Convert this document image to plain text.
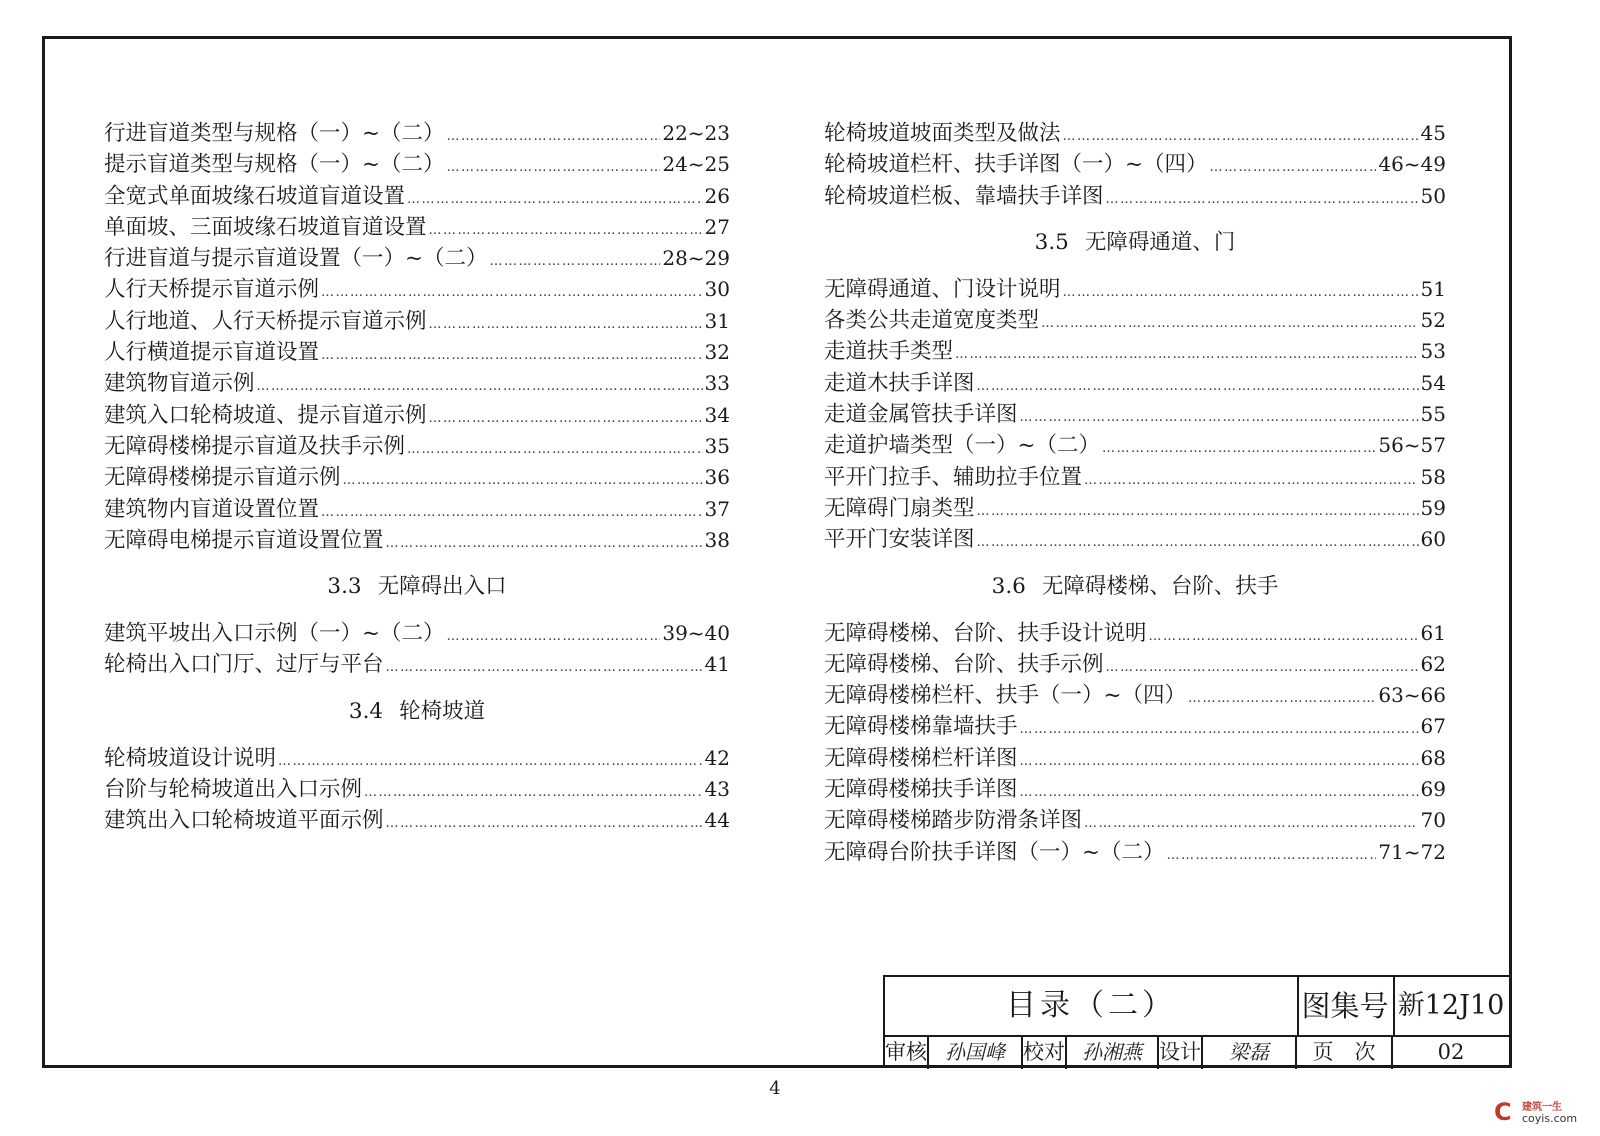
行进盲道类型与规格（一）~（二） ……………………………………………………………………………………………………………………………………………………………………	22~23
提示盲道类型与规格（一）~（二） ……………………………………………………………………………………………………………………………………………………………………	24~25
全宽式单面坡缘石坡道盲道设置 ……………………………………………………………………………………………………………………………………………………………………	26
单面坡、三面坡缘石坡道盲道设置 ……………………………………………………………………………………………………………………………………………………………………	27
行进盲道与提示盲道设置（一）~（二） ……………………………………………………………………………………………………………………………………………………………………	28~29
人行天桥提示盲道示例 ……………………………………………………………………………………………………………………………………………………………………	30
人行地道、人行天桥提示盲道示例 ……………………………………………………………………………………………………………………………………………………………………	31
人行横道提示盲道设置 ……………………………………………………………………………………………………………………………………………………………………	32
建筑物盲道示例 ……………………………………………………………………………………………………………………………………………………………………	33
建筑入口轮椅坡道、提示盲道示例 ……………………………………………………………………………………………………………………………………………………………………	34
无障碍楼梯提示盲道及扶手示例 ……………………………………………………………………………………………………………………………………………………………………	35
无障碍楼梯提示盲道示例 ……………………………………………………………………………………………………………………………………………………………………	36
建筑物内盲道设置位置 ……………………………………………………………………………………………………………………………………………………………………	37
无障碍电梯提示盲道设置位置 ……………………………………………………………………………………………………………………………………………………………………	38
3.3 无障碍出入口
建筑平坡出入口示例（一）~（二） ……………………………………………………………………………………………………………………………………………………………………	39~40
轮椅出入口门厅、过厅与平台 ……………………………………………………………………………………………………………………………………………………………………	41
3.4 轮椅坡道
轮椅坡道设计说明 ……………………………………………………………………………………………………………………………………………………………………	42
台阶与轮椅坡道出入口示例 ……………………………………………………………………………………………………………………………………………………………………	43
建筑出入口轮椅坡道平面示例 ……………………………………………………………………………………………………………………………………………………………………	44
轮椅坡道坡面类型及做法 ……………………………………………………………………………………………………………………………………………………………………	45
轮椅坡道栏杆、扶手详图（一）~（四） ……………………………………………………………………………………………………………………………………………………………………	46~49
轮椅坡道栏板、靠墙扶手详图 ……………………………………………………………………………………………………………………………………………………………………	50
3.5 无障碍通道、门
无障碍通道、门设计说明 ……………………………………………………………………………………………………………………………………………………………………	51
各类公共走道宽度类型 ……………………………………………………………………………………………………………………………………………………………………	52
走道扶手类型 ……………………………………………………………………………………………………………………………………………………………………	53
走道木扶手详图 ……………………………………………………………………………………………………………………………………………………………………	54
走道金属管扶手详图 ……………………………………………………………………………………………………………………………………………………………………	55
走道护墙类型（一）~（二） ……………………………………………………………………………………………………………………………………………………………………	56~57
平开门拉手、辅助拉手位置 ……………………………………………………………………………………………………………………………………………………………………	58
无障碍门扇类型 ……………………………………………………………………………………………………………………………………………………………………	59
平开门安装详图 ……………………………………………………………………………………………………………………………………………………………………	60
3.6 无障碍楼梯、台阶、扶手
无障碍楼梯、台阶、扶手设计说明 ……………………………………………………………………………………………………………………………………………………………………	61
无障碍楼梯、台阶、扶手示例 ……………………………………………………………………………………………………………………………………………………………………	62
无障碍楼梯栏杆、扶手（一）~（四） ……………………………………………………………………………………………………………………………………………………………………	63~66
无障碍楼梯靠墙扶手 ……………………………………………………………………………………………………………………………………………………………………	67
无障碍楼梯栏杆详图 ……………………………………………………………………………………………………………………………………………………………………	68
无障碍楼梯扶手详图 ……………………………………………………………………………………………………………………………………………………………………	69
无障碍楼梯踏步防滑条详图 ……………………………………………………………………………………………………………………………………………………………………	70
无障碍台阶扶手详图（一）~（二） ……………………………………………………………………………………………………………………………………………………………………	71~72
目录（二）	图集号 新12J10
审核 孙国峰 校对 孙湘燕 设计	梁磊	页　次	02
4
C 建筑一生
coyis.com
